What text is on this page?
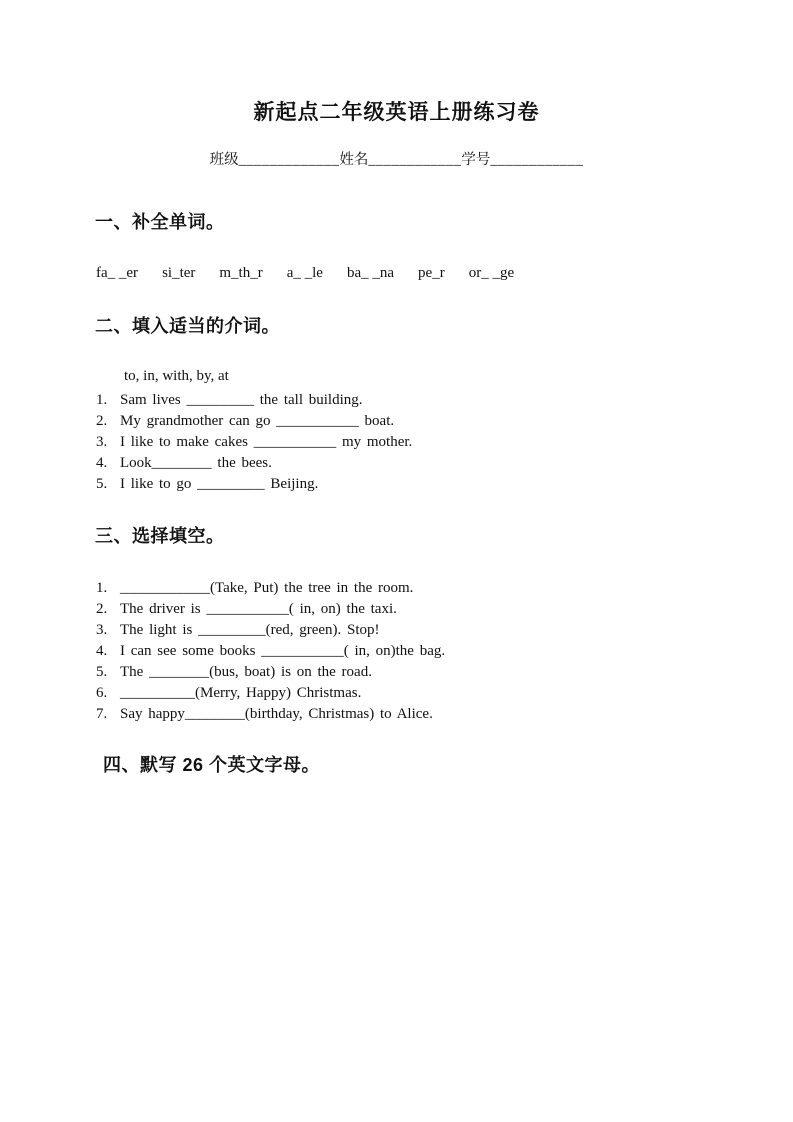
新起点二年级英语上册练习卷
班级_____________姓名____________学号____________
一、补全单词。
fa_ _er si_ter m_th_r a_ _le ba_ _na pe_r or_ _ge
二、填入适当的介词。
to, in, with, by, at
1. Sam lives _________ the tall building.
2. My grandmother can go ___________ boat.
3. I like to make cakes ___________ my mother.
4. Look________ the bees.
5. I like to go _________ Beijing.
三、选择填空。
1. ____________(Take, Put) the tree in the room.
2. The driver is ___________( in, on) the taxi.
3. The light is _________(red, green). Stop!
4. I can see some books ___________( in, on)the bag.
5. The ________(bus, boat) is on the road.
6. __________(Merry, Happy) Christmas.
7. Say happy________(birthday, Christmas) to Alice.
四、默写 26 个英文字母。
